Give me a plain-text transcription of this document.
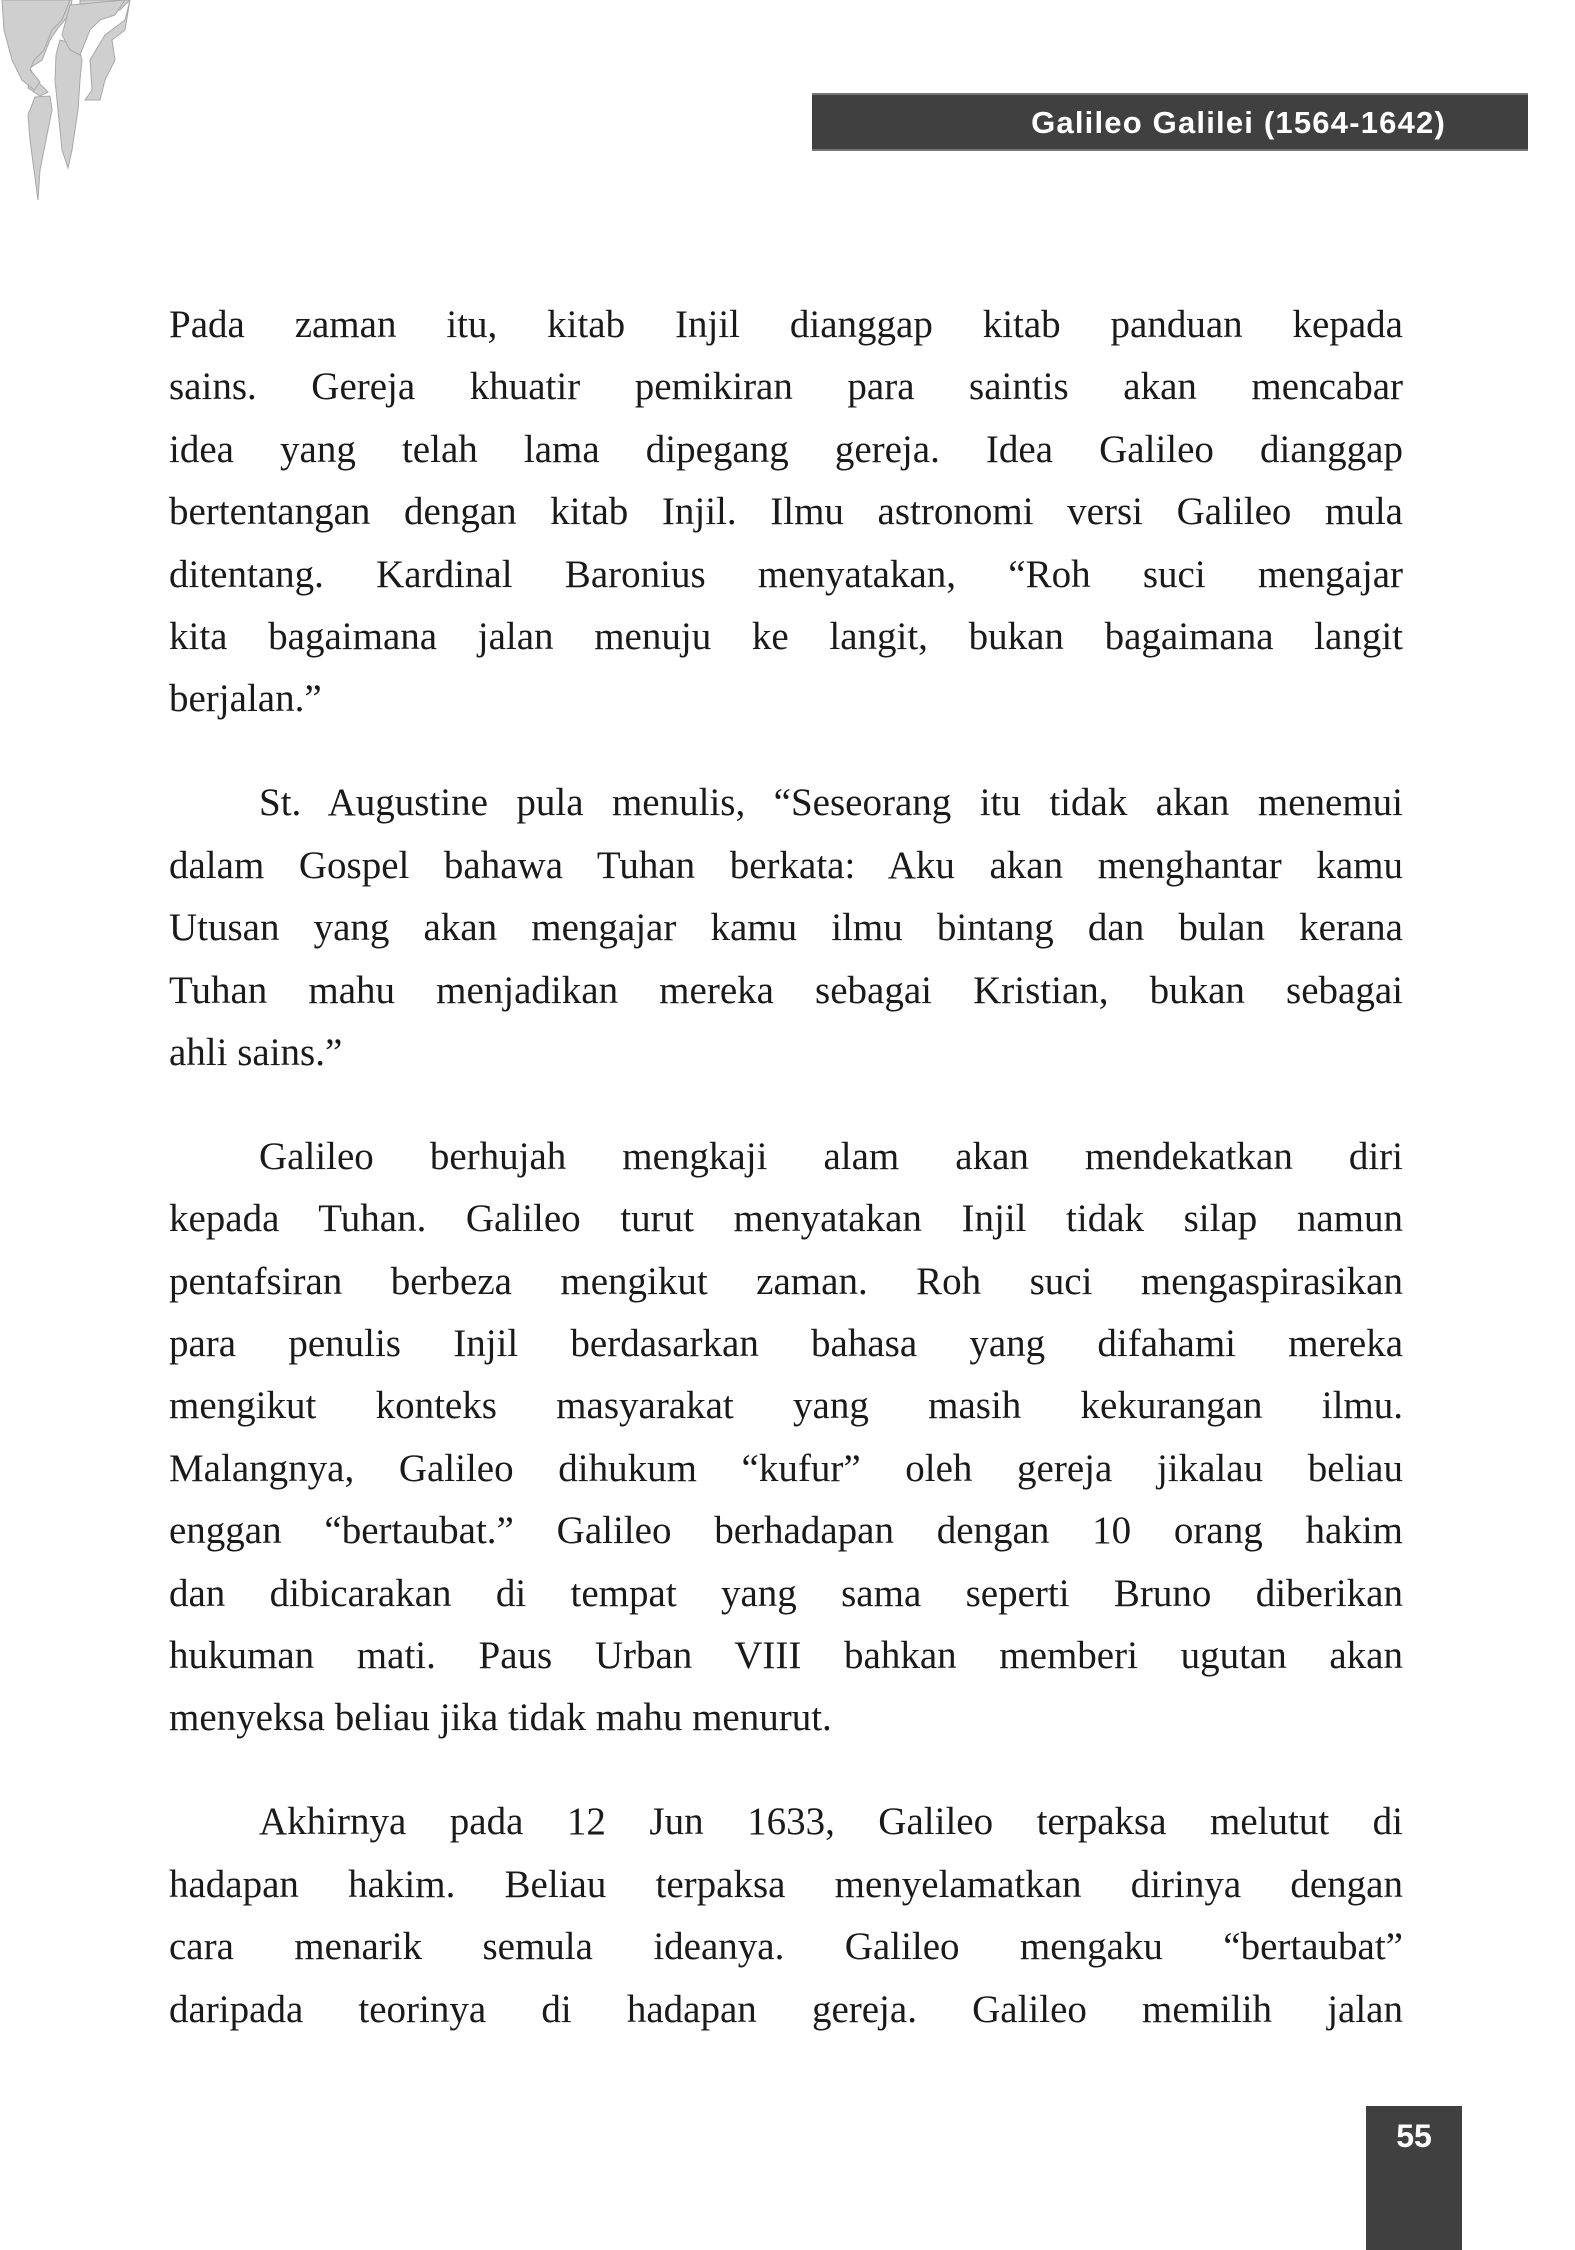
Galileo Galilei (1564-1642)
Pada zaman itu, kitab Injil dianggap kitab panduan kepada
sains. Gereja khuatir pemikiran para saintis akan mencabar
idea yang telah lama dipegang gereja. Idea Galileo dianggap
bertentangan dengan kitab Injil. Ilmu astronomi versi Galileo mula
ditentang. Kardinal Baronius menyatakan, “Roh suci mengajar
kita bagaimana jalan menuju ke langit, bukan bagaimana langit
berjalan.”
St. Augustine pula menulis, “Seseorang itu tidak akan menemui
dalam Gospel bahawa Tuhan berkata: Aku akan menghantar kamu
Utusan yang akan mengajar kamu ilmu bintang dan bulan kerana
Tuhan mahu menjadikan mereka sebagai Kristian, bukan sebagai
ahli sains.”
Galileo berhujah mengkaji alam akan mendekatkan diri
kepada Tuhan. Galileo turut menyatakan Injil tidak silap namun
pentafsiran berbeza mengikut zaman. Roh suci mengaspirasikan
para penulis Injil berdasarkan bahasa yang difahami mereka
mengikut konteks masyarakat yang masih kekurangan ilmu.
Malangnya, Galileo dihukum “kufur” oleh gereja jikalau beliau
enggan “bertaubat.” Galileo berhadapan dengan 10 orang hakim
dan dibicarakan di tempat yang sama seperti Bruno diberikan
hukuman mati. Paus Urban VIII bahkan memberi ugutan akan
menyeksa beliau jika tidak mahu menurut.
Akhirnya pada 12 Jun 1633, Galileo terpaksa melutut di
hadapan hakim. Beliau terpaksa menyelamatkan dirinya dengan
cara menarik semula ideanya. Galileo mengaku “bertaubat”
daripada teorinya di hadapan gereja. Galileo memilih jalan
55
